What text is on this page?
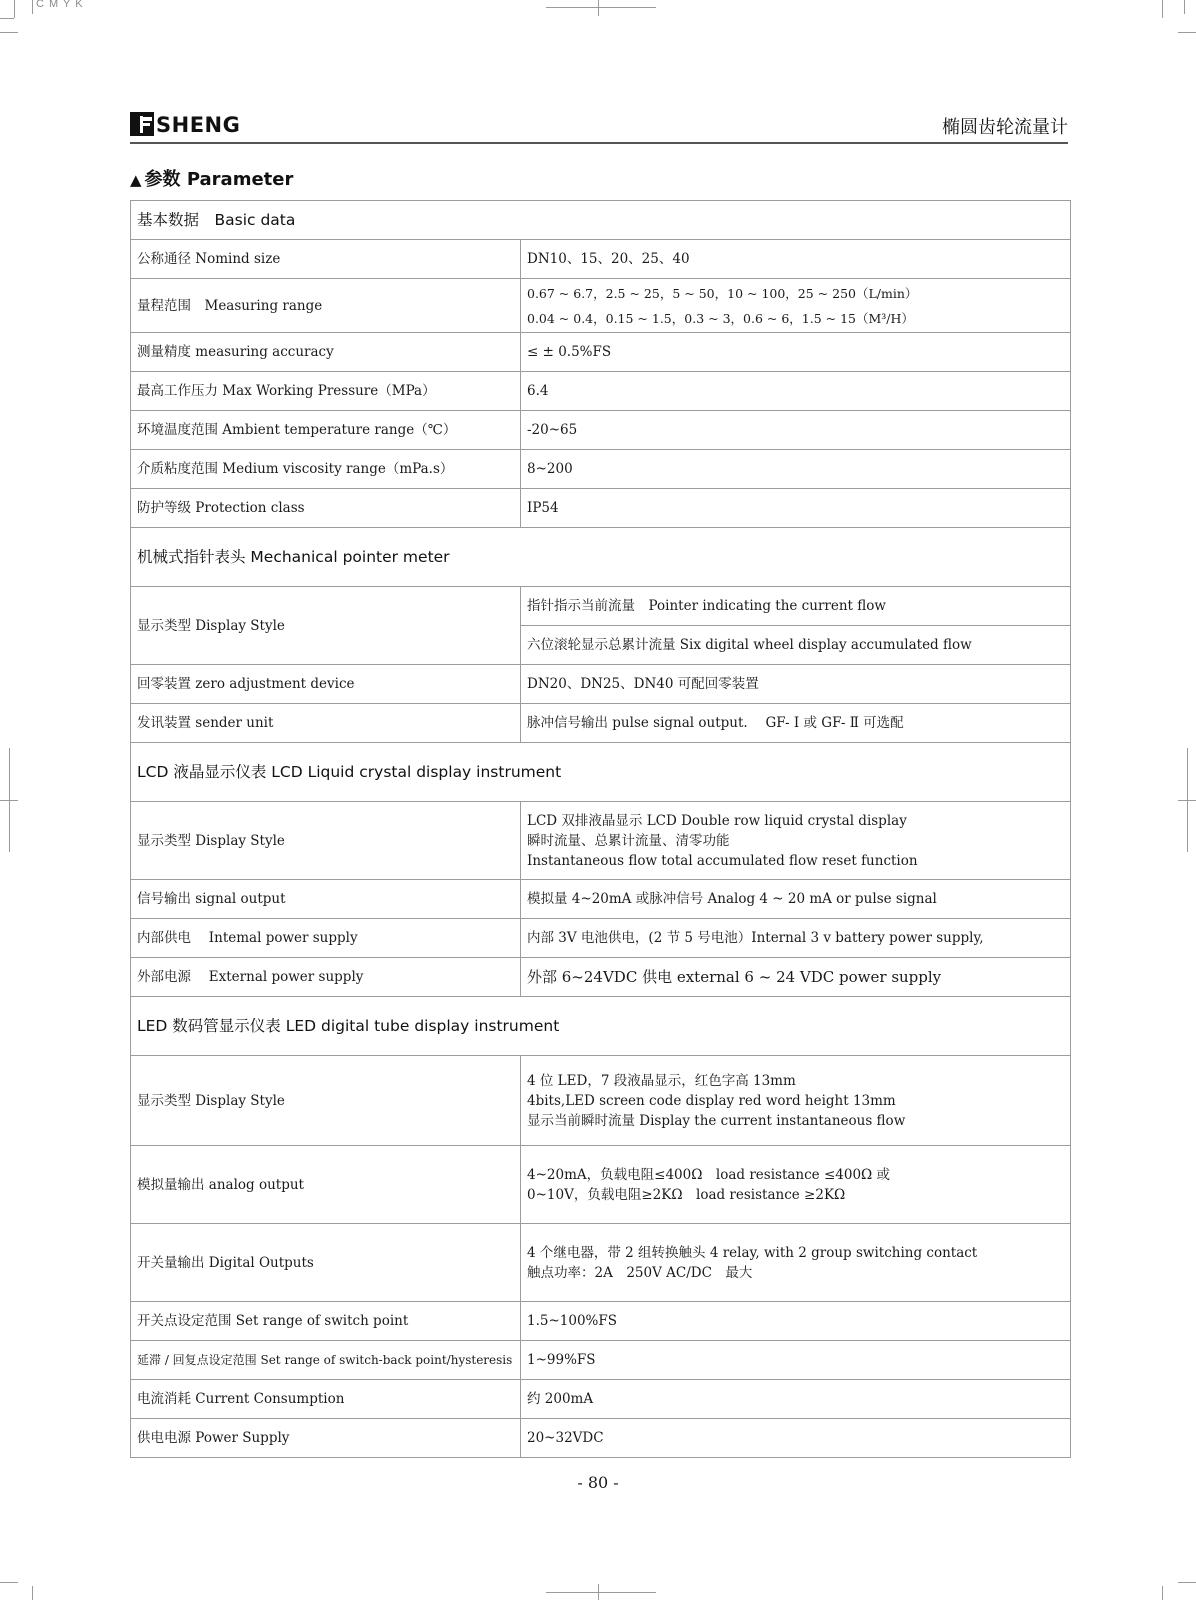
C M Y K
SHENG	椭圆齿轮流量计
▲ 参数 Parameter
基本数据　Basic data	
公称通径 Nomind size	DN10、15、20、25、40
量程范围　Measuring range	0.67 ~ 6.7，2.5 ~ 25，5 ~ 50，10 ~ 100，25 ~ 250（L/min）
0.04 ~ 0.4，0.15 ~ 1.5，0.3 ~ 3，0.6 ~ 6，1.5 ~ 15（M³/H）

测量精度 measuring accuracy	≤ ± 0.5%FS
最高工作压力 Max Working Pressure（MPa）	6.4
环境温度范围 Ambient temperature range（℃）	-20~65
介质粘度范围 Medium viscosity range（mPa.s）	8~200
防护等级 Protection class	IP54
机械式指针表头 Mechanical pointer meter	
显示类型 Display Style	指针指示当前流量　Pointer indicating the current flow
	六位滚轮显示总累计流量 Six digital wheel display accumulated flow
回零装置 zero adjustment device	DN20、DN25、DN40 可配回零装置
发讯装置 sender unit	脉冲信号输出 pulse signal output.　 GF- Ⅰ 或 GF- Ⅱ 可选配
LCD 液晶显示仪表 LCD Liquid crystal display instrument	
显示类型 Display Style	LCD 双排液晶显示 LCD Double row liquid crystal display
瞬时流量、总累计流量、清零功能
Instantaneous flow total accumulated flow reset function

信号输出 signal output	模拟量 4~20mA 或脉冲信号 Analog 4 ~ 20 mA or pulse signal
内部供电　 Intemal power supply	内部 3V 电池供电，(2 节 5 号电池）Internal 3 v battery power supply,
外部电源　 External power supply	外部 6~24VDC 供电 external 6 ~ 24 VDC power supply
LED 数码管显示仪表 LED digital tube display instrument	
显示类型 Display Style	4 位 LED，7 段液晶显示，红色字高 13mm
4bits,LED screen code display red word height 13mm
显示当前瞬时流量 Display the current instantaneous flow

模拟量输出 analog output	4~20mA，负载电阻≤400Ω　load resistance ≤400Ω 或
0~10V，负载电阻≥2KΩ　load resistance ≥2KΩ

开关量输出 Digital Outputs	4 个继电器，带 2 组转换触头 4 relay, with 2 group switching contact
触点功率：2A　250V AC/DC　最大

开关点设定范围 Set range of switch point	1.5~100%FS
延滞 / 回复点设定范围 Set range of switch-back point/hysteresis	1~99%FS
电流消耗 Current Consumption	约 200mA
供电电源 Power Supply	20~32VDC
- 80 -
